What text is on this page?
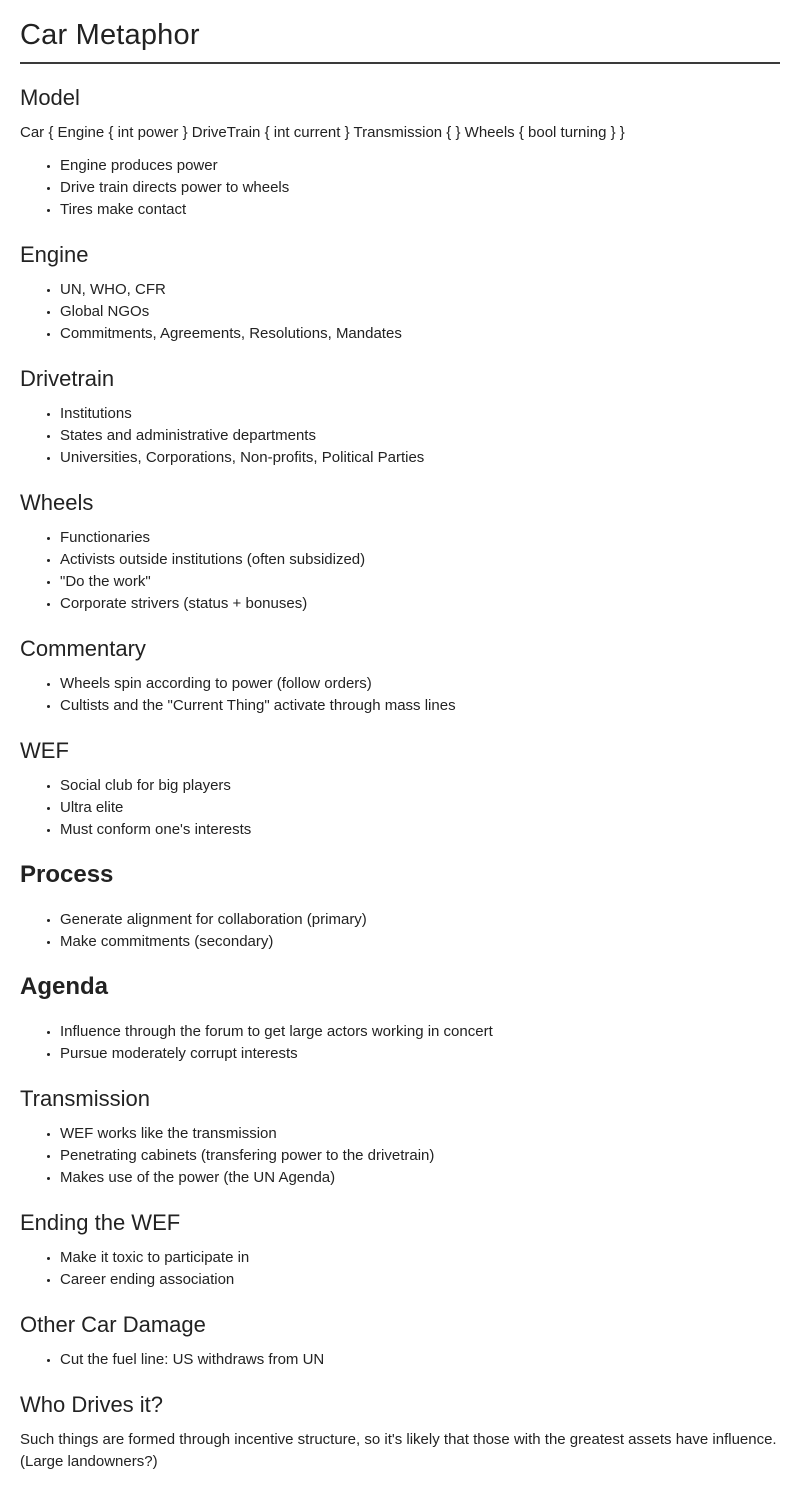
Car Metaphor
Model

Car { Engine { int power } DriveTrain { int current } Transmission { } Wheels { bool turning } }

• Engine produces power
• Drive train directs power to wheels
• Tires make contact
Engine
• UN, WHO, CFR
• Global NGOs
• Commitments, Agreements, Resolutions, Mandates
Drivetrain
• Institutions
• States and administrative departments
• Universities, Corporations, Non-profits, Political Parties
Wheels
• Functionaries
• Activists outside institutions (often subsidized)
• "Do the work"
• Corporate strivers (status + bonuses)
Commentary
• Wheels spin according to power (follow orders)
• Cultists and the "Current Thing" activate through mass lines
WEF
• Social club for big players
• Ultra elite
• Must conform one's interests
Process
• Generate alignment for collaboration (primary)
• Make commitments (secondary)
Agenda
• Influence through the forum to get large actors working in concert
• Pursue moderately corrupt interests
Transmission
• WEF works like the transmission
• Penetrating cabinets (transfering power to the drivetrain)
• Makes use of the power (the UN Agenda)
Ending the WEF
• Make it toxic to participate in
• Career ending association
Other Car Damage
• Cut the fuel line: US withdraws from UN
Who Drives it?

Such things are formed through incentive structure, so it's likely that those with the greatest assets have influence. (Large landowners?)
